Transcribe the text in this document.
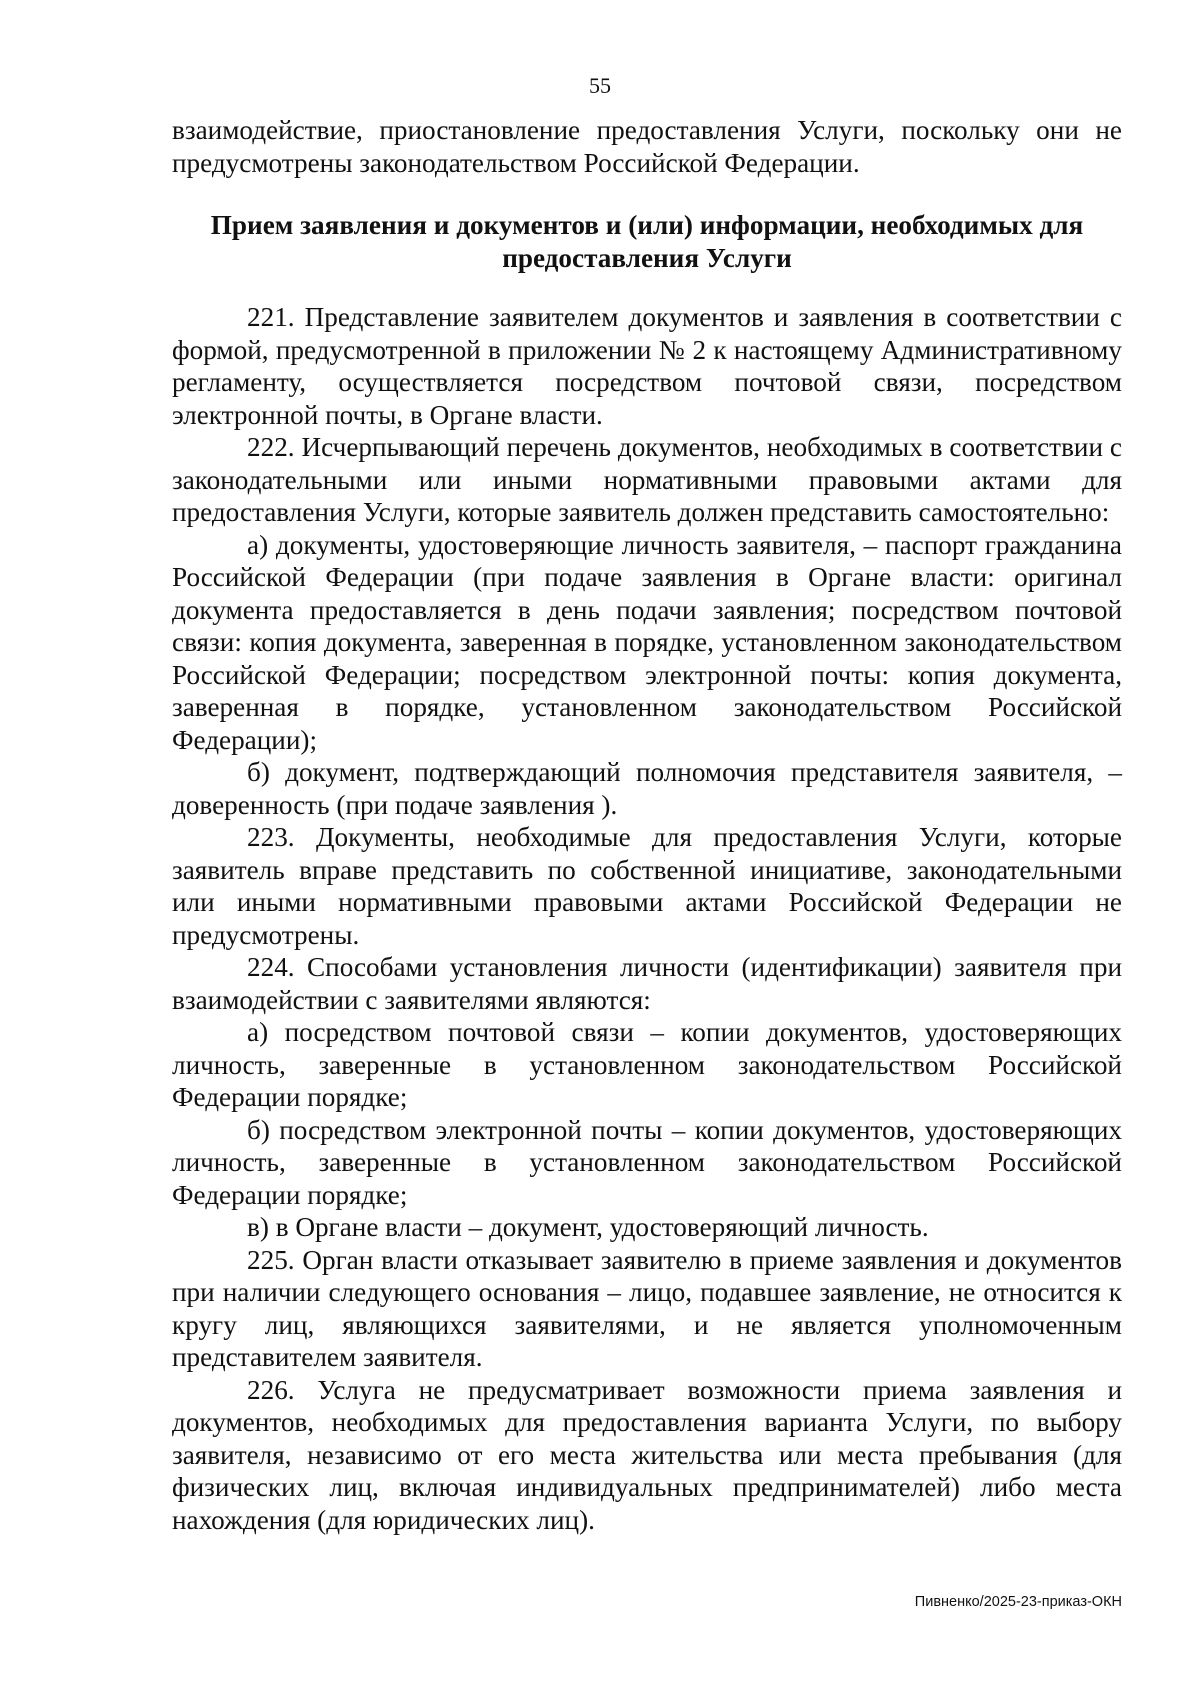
55

взаимодействие, приостановление предоставления Услуги, поскольку они не предусмотрены законодательством Российской Федерации.

Прием заявления и документов и (или) информации, необходимых для предоставления Услуги

221. Представление заявителем документов и заявления в соответствии с формой, предусмотренной в приложении № 2 к настоящему Административному регламенту, осуществляется посредством почтовой связи, посредством электронной почты, в Органе власти.

222. Исчерпывающий перечень документов, необходимых в соответствии с законодательными или иными нормативными правовыми актами для предоставления Услуги, которые заявитель должен представить самостоятельно:

а) документы, удостоверяющие личность заявителя, – паспорт гражданина Российской Федерации (при подаче заявления в Органе власти: оригинал документа предоставляется в день подачи заявления; посредством почтовой связи: копия документа, заверенная в порядке, установленном законодательством Российской Федерации; посредством электронной почты: копия документа, заверенная в порядке, установленном законодательством Российской Федерации);

б) документ, подтверждающий полномочия представителя заявителя, – доверенность (при подаче заявления ).

223. Документы, необходимые для предоставления Услуги, которые заявитель вправе представить по собственной инициативе, законодательными или иными нормативными правовыми актами Российской Федерации не предусмотрены.

224. Способами установления личности (идентификации) заявителя при взаимодействии с заявителями являются:

а) посредством почтовой связи – копии документов, удостоверяющих личность, заверенные в установленном законодательством Российской Федерации порядке;

б) посредством электронной почты – копии документов, удостоверяющих личность, заверенные в установленном законодательством Российской Федерации порядке;

в) в Органе власти – документ, удостоверяющий личность.

225. Орган власти отказывает заявителю в приеме заявления и документов при наличии следующего основания – лицо, подавшее заявление, не относится к кругу лиц, являющихся заявителями, и не является уполномоченным представителем заявителя.

226. Услуга не предусматривает возможности приема заявления и документов, необходимых для предоставления варианта Услуги, по выбору заявителя, независимо от его места жительства или места пребывания (для физических лиц, включая индивидуальных предпринимателей) либо места нахождения (для юридических лиц).

Пивненко/2025-23-приказ-ОКН
